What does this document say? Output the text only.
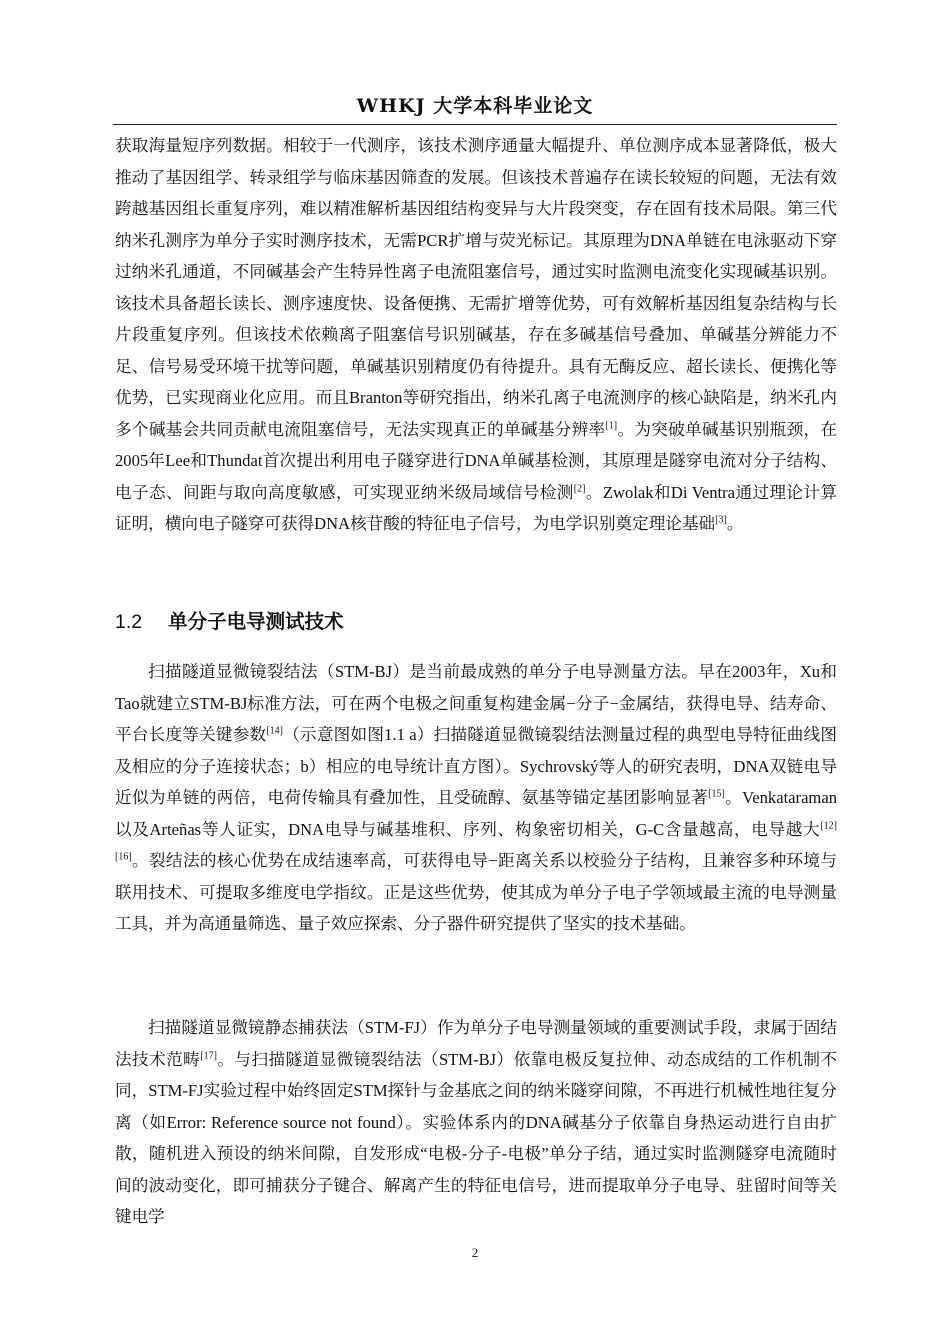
WHKJ 大学本科毕业论文

获取海量短序列数据。相较于一代测序，该技术测序通量大幅提升、单位测序成本显著降低，极大推动了基因组学、转录组学与临床基因筛查的发展。但该技术普遍存在读长较短的问题，无法有效跨越基因组长重复序列，难以精准解析基因组结构变异与大片段突变，存在固有技术局限。第三代纳米孔测序为单分子实时测序技术，无需PCR扩增与荧光标记。其原理为DNA单链在电泳驱动下穿过纳米孔通道，不同碱基会产生特异性离子电流阻塞信号，通过实时监测电流变化实现碱基识别。该技术具备超长读长、测序速度快、设备便携、无需扩增等优势，可有效解析基因组复杂结构与长片段重复序列。但该技术依赖离子阻塞信号识别碱基，存在多碱基信号叠加、单碱基分辨能力不足、信号易受环境干扰等问题，单碱基识别精度仍有待提升。具有无酶反应、超长读长、便携化等优势，已实现商业化应用。而且Branton等研究指出，纳米孔离子电流测序的核心缺陷是，纳米孔内多个碱基会共同贡献电流阻塞信号，无法实现真正的单碱基分辨率[1]。为突破单碱基识别瓶颈，在2005年Lee和Thundat首次提出利用电子隧穿进行DNA单碱基检测，其原理是隧穿电流对分子结构、电子态、间距与取向高度敏感，可实现亚纳米级局域信号检测[2]。Zwolak和Di Ventra通过理论计算证明，横向电子隧穿可获得DNA核苷酸的特征电子信号，为电学识别奠定理论基础[3]。

1.2 单分子电导测试技术

扫描隧道显微镜裂结法（STM-BJ）是当前最成熟的单分子电导测量方法。早在2003年，Xu和Tao就建立STM-BJ标准方法，可在两个电极之间重复构建金属−分子−金属结，获得电导、结寿命、平台长度等关键参数[14]（示意图如图1.1 a）扫描隧道显微镜裂结法测量过程的典型电导特征曲线图及相应的分子连接状态；b）相应的电导统计直方图）。Sychrovský等人的研究表明，DNA双链电导近似为单链的两倍，电荷传输具有叠加性，且受硫醇、氨基等锚定基团影响显著[15]。Venkataraman以及Arteñas等人证实，DNA电导与碱基堆积、序列、构象密切相关，G-C含量越高，电导越大[12][16]。裂结法的核心优势在成结速率高，可获得电导−距离关系以校验分子结构，且兼容多种环境与联用技术、可提取多维度电学指纹。正是这些优势，使其成为单分子电子学领域最主流的电导测量工具，并为高通量筛选、量子效应探索、分子器件研究提供了坚实的技术基础。

扫描隧道显微镜静态捕获法（STM-FJ）作为单分子电导测量领域的重要测试手段，隶属于固结法技术范畴[17]。与扫描隧道显微镜裂结法（STM-BJ）依靠电极反复拉伸、动态成结的工作机制不同，STM-FJ实验过程中始终固定STM探针与金基底之间的纳米隧穿间隙，不再进行机械性地往复分离（如Error: Reference source not found）。实验体系内的DNA碱基分子依靠自身热运动进行自由扩散，随机进入预设的纳米间隙，自发形成“电极-分子-电极”单分子结，通过实时监测隧穿电流随时间的波动变化，即可捕获分子键合、解离产生的特征电信号，进而提取单分子电导、驻留时间等关键电学

2
